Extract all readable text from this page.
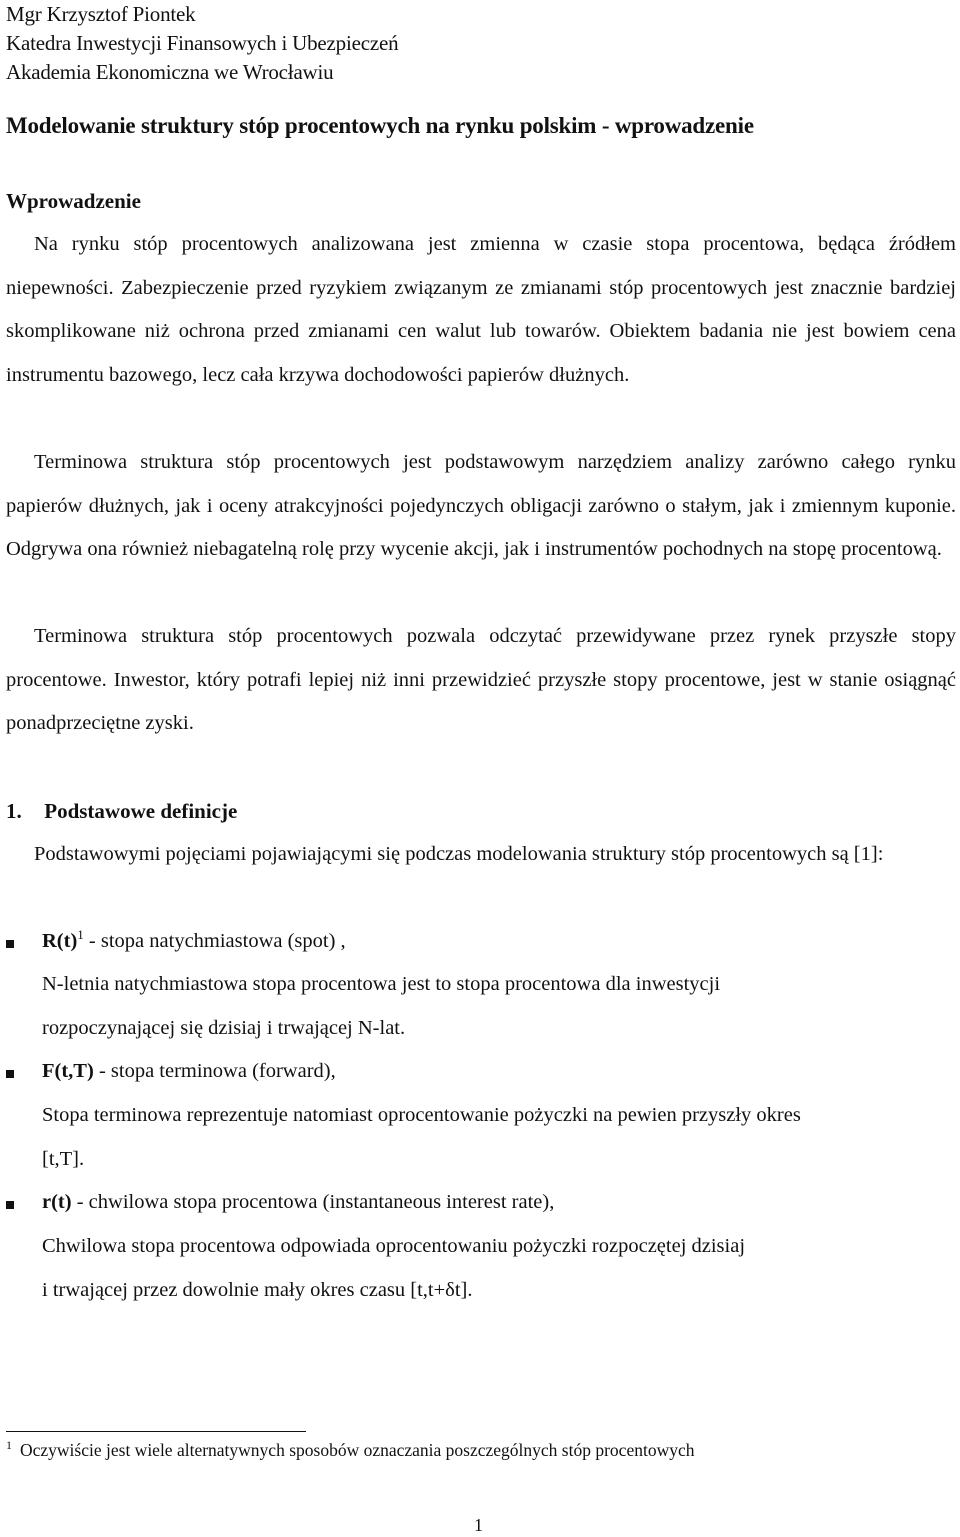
Mgr Krzysztof Piontek
Katedra Inwestycji Finansowych i Ubezpieczeń
Akademia Ekonomiczna we Wrocławiu
Modelowanie struktury stóp procentowych na rynku polskim - wprowadzenie
Wprowadzenie

Na rynku stóp procentowych analizowana jest zmienna w czasie stopa procentowa, będąca źródłem niepewności. Zabezpieczenie przed ryzykiem związanym ze zmianami stóp procentowych jest znacznie bardziej skomplikowane niż ochrona przed zmianami cen walut lub towarów. Obiektem badania nie jest bowiem cena instrumentu bazowego, lecz cała krzywa dochodowości papierów dłużnych.

Terminowa struktura stóp procentowych jest podstawowym narzędziem analizy zarówno całego rynku papierów dłużnych, jak i oceny atrakcyjności pojedynczych obligacji zarówno o stałym, jak i zmiennym kuponie. Odgrywa ona również niebagatelną rolę przy wycenie akcji, jak i instrumentów pochodnych na stopę procentową.

Terminowa struktura stóp procentowych pozwala odczytać przewidywane przez rynek przyszłe stopy procentowe. Inwestor, który potrafi lepiej niż inni przewidzieć przyszłe stopy procentowe, jest w stanie osiągnąć ponadprzeciętne zyski.

1. Podstawowe definicje

Podstawowymi pojęciami pojawiającymi się podczas modelowania struktury stóp procentowych są [1]:

$R(t)^1$ - stopa natychmiastowa (spot) ,
N-letnia natychmiastowa stopa procentowa jest to stopa procentowa dla inwestycji
rozpoczynającej się dzisiaj i trwającej N-lat.
F(t,T) - stopa terminowa (forward),
Stopa terminowa reprezentuje natomiast oprocentowanie pożyczki na pewien przyszły okres
[t,T].
r(t) - chwilowa stopa procentowa (instantaneous interest rate),
Chwilowa stopa procentowa odpowiada oprocentowaniu pożyczki rozpoczętej dzisiaj
i trwającej przez dowolnie mały okres czasu [t,t+δt].
$^1$ Oczywiście jest wiele alternatywnych sposobów oznaczania poszczególnych stóp procentowych
1
